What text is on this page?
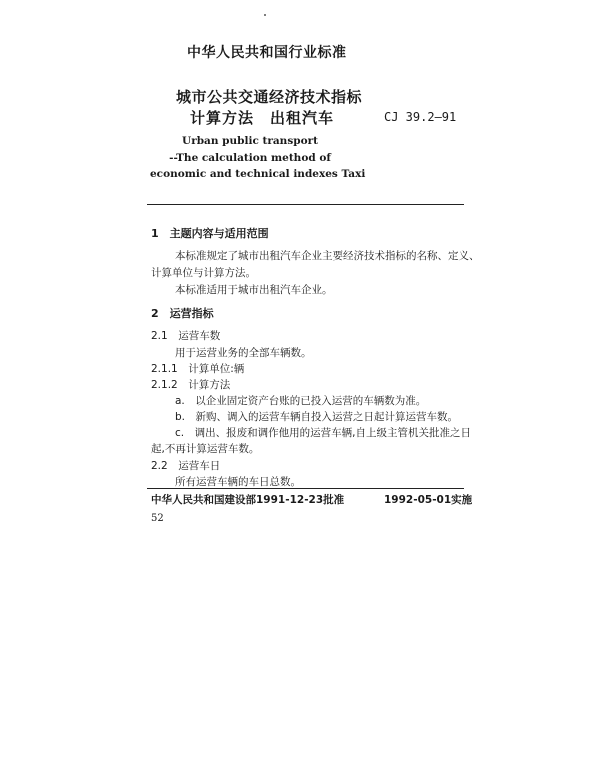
中华人民共和国行业标准
城市公共交通经济技术指标
计算方法　出租汽车	CJ 39.2—91
Urban public transport
--The calculation method of
economic and technical indexes Taxi
1　主题内容与适用范围
本标准规定了城市出租汽车企业主要经济技术指标的名称、定义、
计算单位与计算方法。
本标准适用于城市出租汽车企业。
2　运营指标
2.1　运营车数
用于运营业务的全部车辆数。
2.1.1　计算单位:辆
2.1.2　计算方法
a.　以企业固定资产台账的已投入运营的车辆数为准。
b.　新购、调入的运营车辆自投入运营之日起计算运营车数。
c.　调出、报废和调作他用的运营车辆,自上级主管机关批准之日
起,不再计算运营车数。
2.2　运营车日
所有运营车辆的车日总数。
中华人民共和国建设部1991-12-23批准	1992-05-01实施
52
